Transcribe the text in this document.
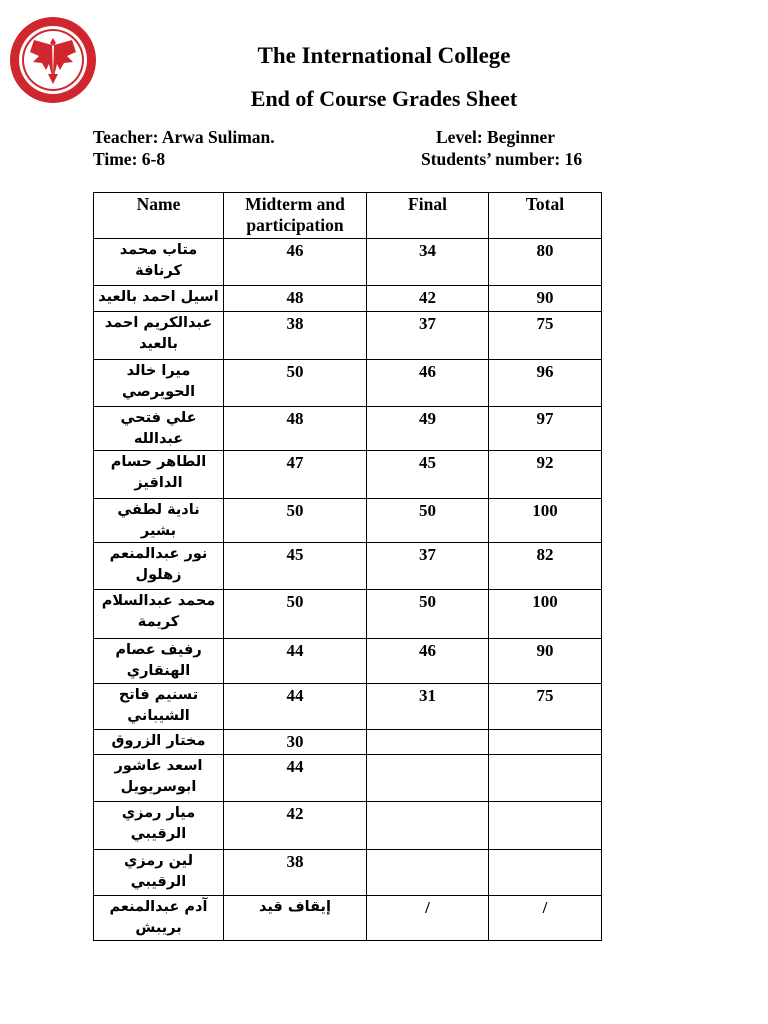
The International College
End of Course Grades Sheet
Teacher: Arwa Suliman.	Level: Beginner
Time: 6-8	Students’ number: 16
Name	Midterm and participation	Final	Total
متاب محمد كرنافة	46	34	80
اسيل احمد بالعيد	48	42	90
عبدالكريم احمد بالعيد	38	37	75
ميرا خالد الحويرصي	50	46	96
علي فتحي عبدالله	48	49	97
الطاهر حسام الداقيز	47	45	92
نادية لطفي بشير	50	50	100
نور عبدالمنعم زهلول	45	37	82
محمد عبدالسلام كريمة	50	50	100
رفيف عصام الهنقاري	44	46	90
تسنيم فاتح الشيباني	44	31	75
مختار الزروق	30		
اسعد عاشور ابوسريويل	44		
ميار رمزي الرقيبي	42		
لين رمزي الرقيبي	38		
آدم عبدالمنعم بريبش	إيقاف قيد	/	/
